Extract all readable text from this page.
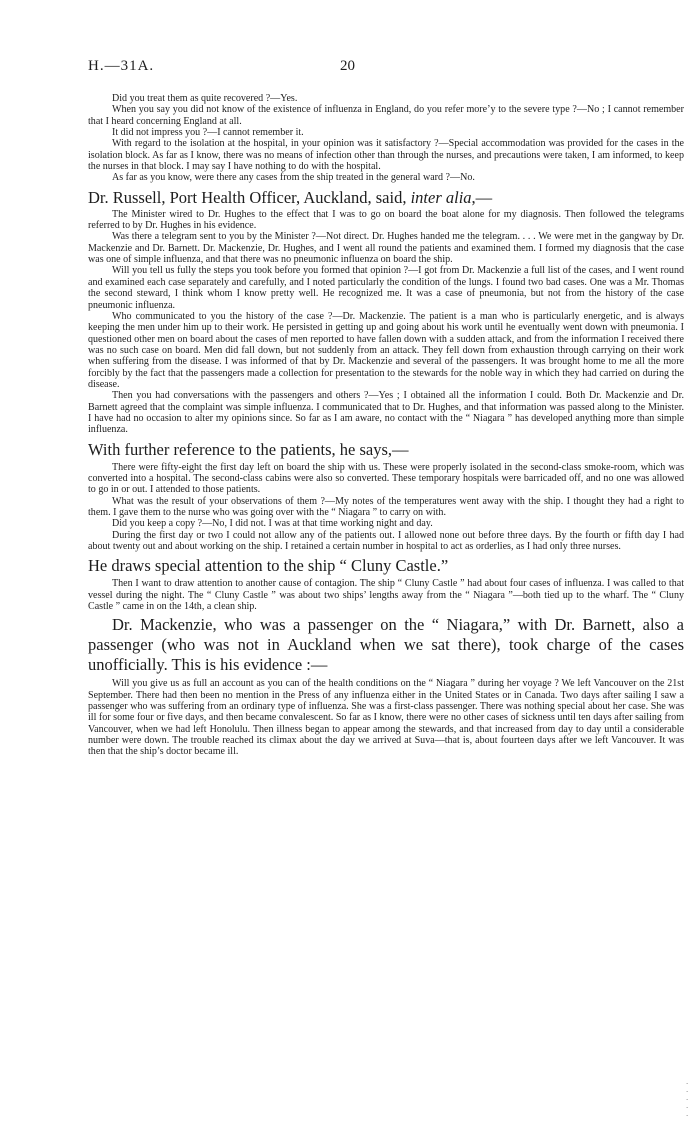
H.—31A.	20

Did you treat them as quite recovered ?—Yes.

When you say you did not know of the existence of influenza in England, do you refer more’y to the severe type ?—No ; I cannot remember that I heard concerning England at all.

It did not impress you ?—I cannot remember it.

With regard to the isolation at the hospital, in your opinion was it satisfactory ?—Special accommodation was provided for the cases in the isolation block. As far as I know, there was no means of infection other than through the nurses, and precautions were taken, I am informed, to keep the nurses in that block. I may say I have nothing to do with the hospital.

As far as you know, were there any cases from the ship treated in the general ward ?—No.

Dr. Russell, Port Health Officer, Auckland, said, inter alia,—

The Minister wired to Dr. Hughes to the effect that I was to go on board the boat alone for my diagnosis. Then followed the telegrams referred to by Dr. Hughes in his evidence.

Was there a telegram sent to you by the Minister ?—Not direct. Dr. Hughes handed me the telegram. . . . We were met in the gangway by Dr. Mackenzie and Dr. Barnett. Dr. Mackenzie, Dr. Hughes, and I went all round the patients and examined them. I formed my diagnosis that the case was one of simple influenza, and that there was no pneumonic influenza on board the ship.

Will you tell us fully the steps you took before you formed that opinion ?—I got from Dr. Mackenzie a full list of the cases, and I went round and examined each case separately and carefully, and I noted particularly the condition of the lungs. I found two bad cases. One was a Mr. Thomas the second steward, I think whom I know pretty well. He recognized me. It was a case of pneumonia, but not from the history of the case pneumonic influenza.

Who communicated to you the history of the case ?—Dr. Mackenzie. The patient is a man who is particularly energetic, and is always keeping the men under him up to their work. He persisted in getting up and going about his work until he eventually went down with pneumonia. I questioned other men on board about the cases of men reported to have fallen down with a sudden attack, and from the information I received there was no such case on board. Men did fall down, but not suddenly from an attack. They fell down from exhaustion through carrying on their work when suffering from the disease. I was informed of that by Dr. Mackenzie and several of the passengers. It was brought home to me all the more forcibly by the fact that the passengers made a collection for presentation to the stewards for the noble way in which they had carried on during the disease.

Then you had conversations with the passengers and others ?—Yes ; I obtained all the information I could. Both Dr. Mackenzie and Dr. Barnett agreed that the complaint was simple influenza. I communicated that to Dr. Hughes, and that information was passed along to the Minister. I have had no occasion to alter my opinions since. So far as I am aware, no contact with the “ Niagara ” has developed anything more than simple influenza.

With further reference to the patients, he says,—

There were fifty-eight the first day left on board the ship with us. These were properly isolated in the second-class smoke-room, which was converted into a hospital. The second-class cabins were also so converted. These temporary hospitals were barricaded off, and no one was allowed to go in or out. I attended to those patients.

What was the result of your observations of them ?—My notes of the temperatures went away with the ship. I thought they had a right to them. I gave them to the nurse who was going over with the “ Niagara ” to carry on with.

Did you keep a copy ?—No, I did not. I was at that time working night and day.

During the first day or two I could not allow any of the patients out. I allowed none out before three days. By the fourth or fifth day I had about twenty out and about working on the ship. I retained a certain number in hospital to act as orderlies, as I had only three nurses.

He draws special attention to the ship “ Cluny Castle.”

Then I want to draw attention to another cause of contagion. The ship “ Cluny Castle ” had about four cases of influenza. I was called to that vessel during the night. The “ Cluny Castle ” was about two ships’ lengths away from the “ Niagara ”—both tied up to the wharf. The “ Cluny Castle ” came in on the 14th, a clean ship.

Dr. Mackenzie, who was a passenger on the “ Niagara,” with Dr. Barnett, also a passenger (who was not in Auckland when we sat there), took charge of the cases unofficially. This is his evidence :—

Will you give us as full an account as you can of the health conditions on the “ Niagara ” during her voyage ? We left Vancouver on the 21st September. There had then been no mention in the Press of any influenza either in the United States or in Canada. Two days after sailing I saw a passenger who was suffering from an ordinary type of influenza. She was a first-class passenger. There was nothing special about her case. She was ill for some four or five days, and then became convalescent. So far as I know, there were no other cases of sickness until ten days after sailing from Vancouver, when we had left Honolulu. Then illness began to appear among the stewards, and that increased from day to day until a considerable number were down. The trouble reached its climax about the day we arrived at Suva—that is, about fourteen days after we left Vancouver. It was then that the ship’s doctor became ill.

·
·
·
·
·
